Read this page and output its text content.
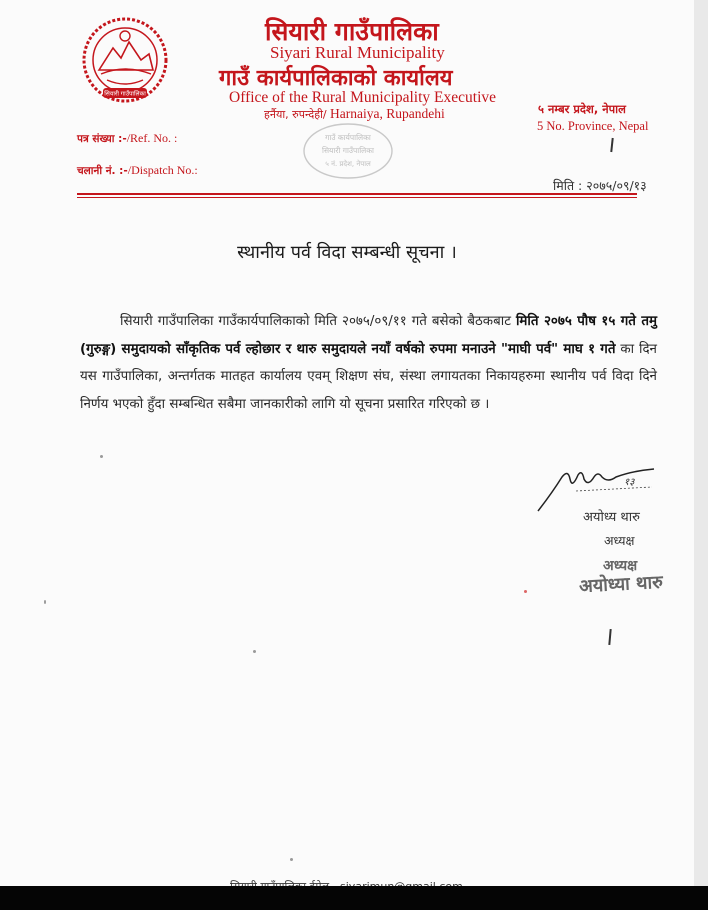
सियारी गाउँपालिका
सियारी गाउँपालिका
Siyari Rural Municipality
गाउँ कार्यपालिकाको कार्यालय
Office of the Rural Municipality Executive
हर्नैया, रुपन्देही/ Harnaiya, Rupandehi	५ नम्बर प्रदेश, नेपाल
5 No. Province, Nepal
पत्र संख्या :-/Ref. No. :
चलानी नं. :-/Dispatch No.:
गाउँ कार्यपालिका
सियारी गाउँपालिका
५ नं. प्रदेश, नेपाल
मिति : २०७५/०९/१३
स्थानीय पर्व विदा सम्बन्धी सूचना ।
सियारी गाउँपालिका गाउँकार्यपालिकाको मिति २०७५/०९/११ गते बसेको बैठकबाट मिति २०७५ पौष १५ गते तमु (गुरुङ्ग) समुदायको साँकृतिक पर्व ल्होछार र थारु समुदायले नयाँ वर्षको रुपमा मनाउने "माघी पर्व" माघ १ गते का दिन यस गाउँपालिका, अन्तर्गतक मातहत कार्यालय एवम् शिक्षण संघ, संस्था लगायतका निकायहरुमा स्थानीय पर्व विदा दिने निर्णय भएको हुँदा सम्बन्धित सबैमा जानकारीको लागि यो सूचना प्रसारित गरिएको छ ।
१३
अयोध्य थारु
अध्यक्ष
अध्यक्ष
अयोध्या थारु
